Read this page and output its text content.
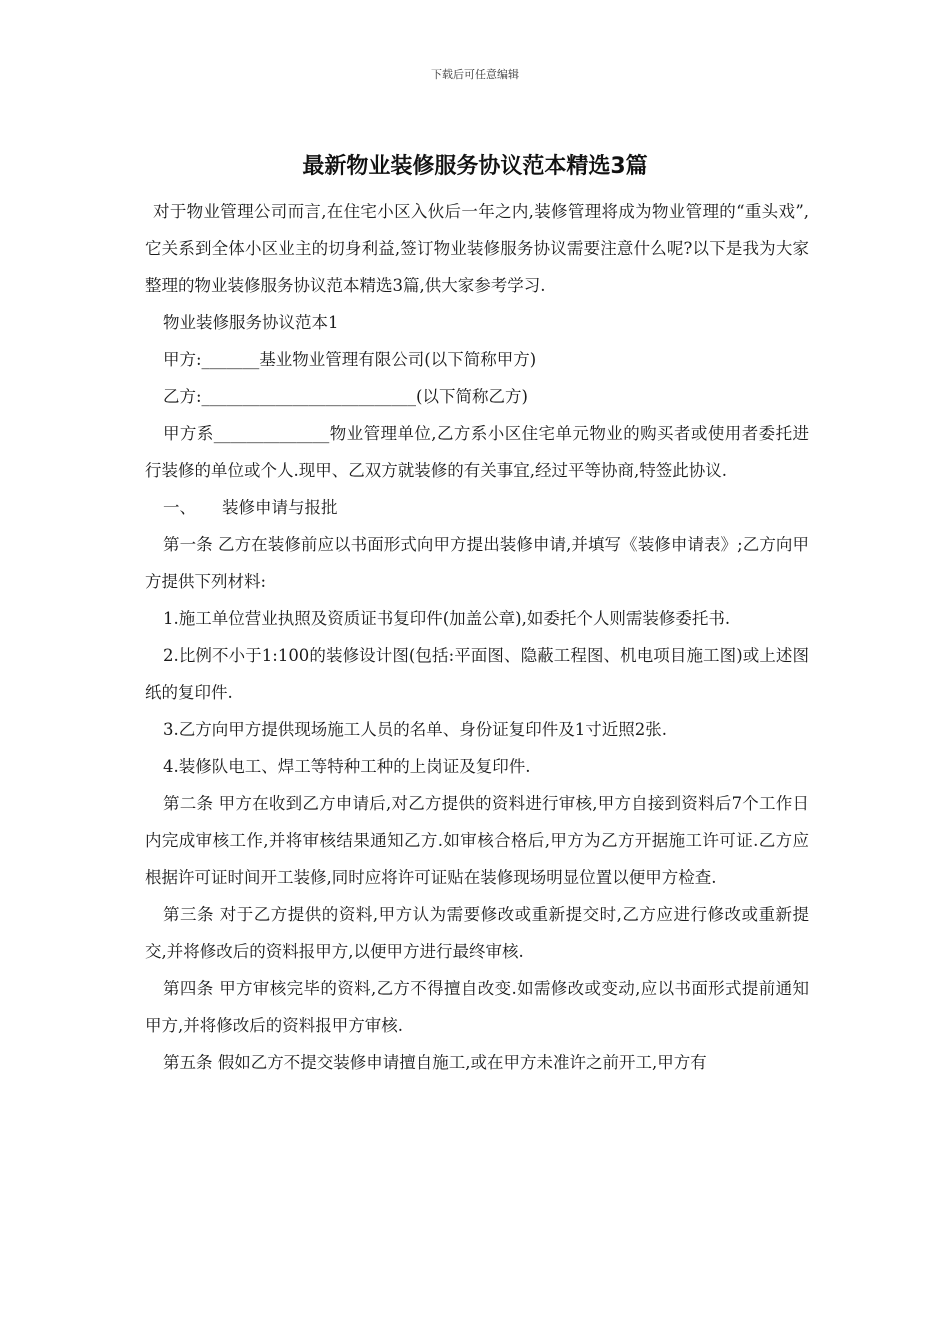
下载后可任意编辑
最新物业装修服务协议范本精选3篇

对于物业管理公司而言,在住宅小区入伙后一年之内,装修管理将成为物业管理的“重头戏”,它关系到全体小区业主的切身利益,签订物业装修服务协议需要注意什么呢?以下是我为大家整理的物业装修服务协议范本精选3篇,供大家参考学习.

物业装修服务协议范本1

甲方:_______基业物业管理有限公司(以下简称甲方)

乙方:__________________________(以下简称乙方)

甲方系______________物业管理单位,乙方系小区住宅单元物业的购买者或使用者委托进行装修的单位或个人.现甲、乙双方就装修的有关事宜,经过平等协商,特签此协议.

一、 装修申请与报批

第一条 乙方在装修前应以书面形式向甲方提出装修申请,并填写《装修申请表》;乙方向甲方提供下列材料:

1.施工单位营业执照及资质证书复印件(加盖公章),如委托个人则需装修委托书.

2.比例不小于1:100的装修设计图(包括:平面图、隐蔽工程图、机电项目施工图)或上述图纸的复印件.

3.乙方向甲方提供现场施工人员的名单、身份证复印件及1寸近照2张.

4.装修队电工、焊工等特种工种的上岗证及复印件.

第二条 甲方在收到乙方申请后,对乙方提供的资料进行审核,甲方自接到资料后7个工作日内完成审核工作,并将审核结果通知乙方.如审核合格后,甲方为乙方开据施工许可证.乙方应根据许可证时间开工装修,同时应将许可证贴在装修现场明显位置以便甲方检查.

第三条 对于乙方提供的资料,甲方认为需要修改或重新提交时,乙方应进行修改或重新提交,并将修改后的资料报甲方,以便甲方进行最终审核.

第四条 甲方审核完毕的资料,乙方不得擅自改变.如需修改或变动,应以书面形式提前通知甲方,并将修改后的资料报甲方审核.

第五条 假如乙方不提交装修申请擅自施工,或在甲方未准许之前开工,甲方有
